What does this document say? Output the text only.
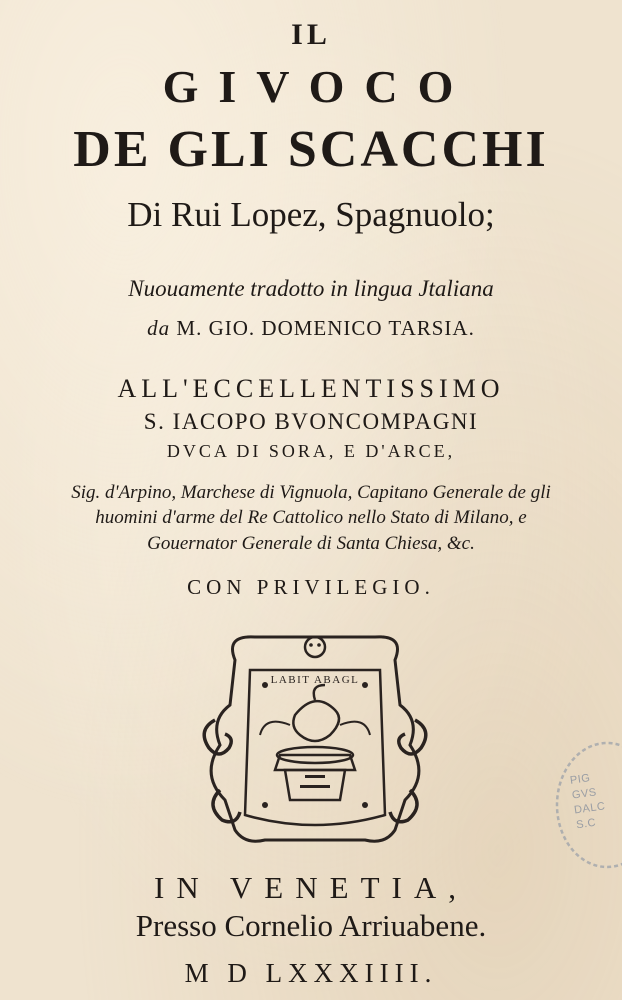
IL
GIVOCO
DE GLI SCACCHI
Di Rui Lopez, Spagnuolo;
Nuouamente tradotto in lingua Jtaliana
da M. GIO. DOMENICO TARSIA.
ALL'ECCELLENTISSIMO
S. IACOPO BVONCOMPAGNI
DVCA DI SORA, E D'ARCE,
Sig. d'Arpino, Marchese di Vignuola, Capitano Generale de gli
huomini d'arme del Re Cattolico nello Stato di Milano, e
Gouernator Generale di Santa Chiesa, &c.
CON PRIVILEGIO.
LABIT ABAGL
PIG
GVS
DALC
S.C
IN VENETIA,
Presso Cornelio Arriuabene.
M D LXXXIIII.
